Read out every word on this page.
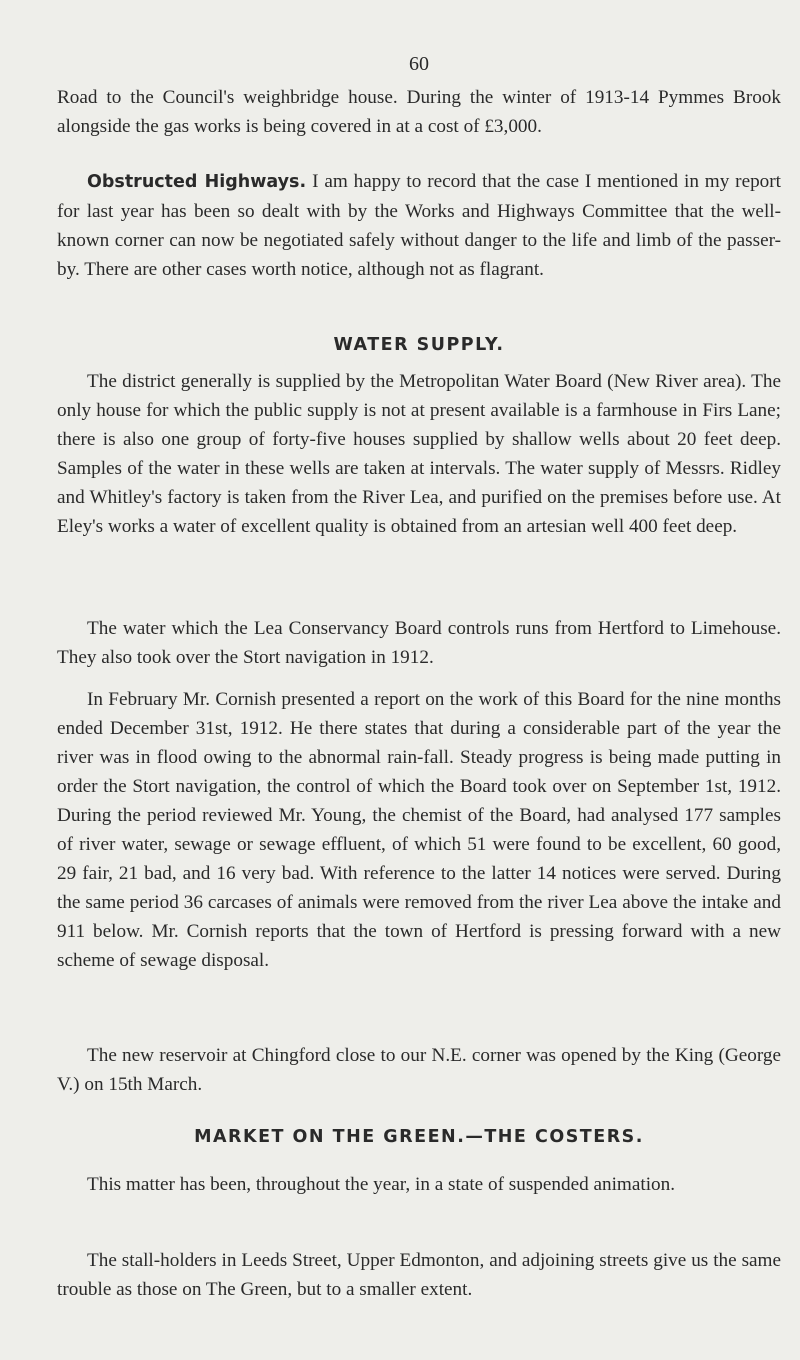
60

Road to the Council's weighbridge house. During the winter of 1913-14 Pymmes Brook alongside the gas works is being covered in at a cost of £3,000.

Obstructed Highways. I am happy to record that the case I mentioned in my report for last year has been so dealt with by the Works and Highways Committee that the well-known corner can now be negotiated safely without danger to the life and limb of the passer-by. There are other cases worth notice, although not as flagrant.

WATER SUPPLY.

The district generally is supplied by the Metropolitan Water Board (New River area). The only house for which the public supply is not at present available is a farmhouse in Firs Lane; there is also one group of forty-five houses supplied by shallow wells about 20 feet deep. Samples of the water in these wells are taken at intervals. The water supply of Messrs. Ridley and Whitley's factory is taken from the River Lea, and purified on the premises before use. At Eley's works a water of excellent quality is obtained from an artesian well 400 feet deep.

The water which the Lea Conservancy Board controls runs from Hertford to Limehouse. They also took over the Stort navigation in 1912.

In February Mr. Cornish presented a report on the work of this Board for the nine months ended December 31st, 1912. He there states that during a considerable part of the year the river was in flood owing to the abnormal rain-fall. Steady progress is being made putting in order the Stort navigation, the control of which the Board took over on September 1st, 1912. During the period reviewed Mr. Young, the chemist of the Board, had analysed 177 samples of river water, sewage or sewage effluent, of which 51 were found to be excellent, 60 good, 29 fair, 21 bad, and 16 very bad. With reference to the latter 14 notices were served. During the same period 36 carcases of animals were removed from the river Lea above the intake and 911 below. Mr. Cornish reports that the town of Hertford is pressing forward with a new scheme of sewage disposal.

The new reservoir at Chingford close to our N.E. corner was opened by the King (George V.) on 15th March.

MARKET ON THE GREEN.—THE COSTERS.

This matter has been, throughout the year, in a state of suspended animation.

The stall-holders in Leeds Street, Upper Edmonton, and adjoining streets give us the same trouble as those on The Green, but to a smaller extent.
